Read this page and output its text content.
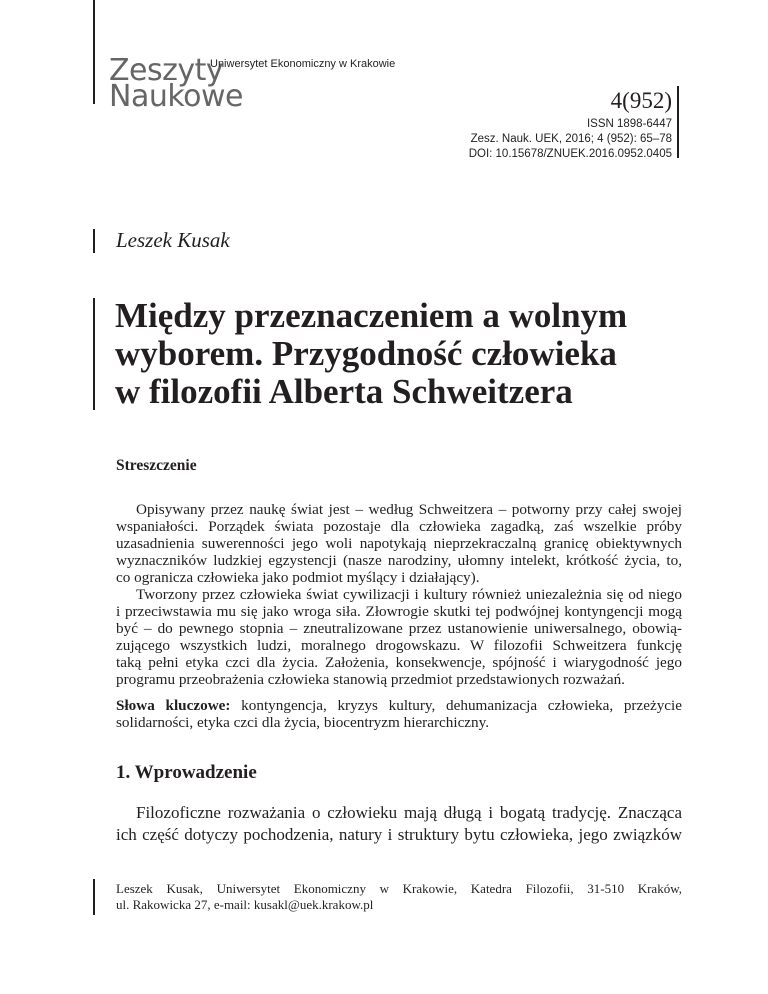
Zeszyty
Naukowe
Uniwersytet Ekonomiczny w Krakowie
4(952)
ISSN 1898-6447
Zesz. Nauk. UEK, 2016; 4 (952): 65–78
DOI: 10.15678/ZNUEK.2016.0952.0405
Leszek Kusak
Między przeznaczeniem a wolnym
wyborem. Przygodność człowieka
w filozofii Alberta Schweitzera
Streszczenie
Opisywany przez naukę świat jest – według Schweitzera – potworny przy całej swojej
wspaniałości. Porządek świata pozostaje dla człowieka zagadką, zaś wszelkie próby
uzasadnienia suwerenności jego woli napotykają nieprzekraczalną granicę obiektywnych
wyznaczników ludzkiej egzystencji (nasze narodziny, ułomny intelekt, krótkość życia, to,
co ogranicza człowieka jako podmiot myślący i działający).
Tworzony przez człowieka świat cywilizacji i kultury również uniezależnia się od niego
i przeciwstawia mu się jako wroga siła. Złowrogie skutki tej podwójnej kontyngencji mogą
być – do pewnego stopnia – zneutralizowane przez ustanowienie uniwersalnego, obowią-
zującego wszystkich ludzi, moralnego drogowskazu. W filozofii Schweitzera funkcję
taką pełni etyka czci dla życia. Założenia, konsekwencje, spójność i wiarygodność jego
programu przeobrażenia człowieka stanowią przedmiot przedstawionych rozważań.
Słowa kluczowe: kontyngencja, kryzys kultury, dehumanizacja człowieka, przeżycie
solidarności, etyka czci dla życia, biocentryzm hierarchiczny.
1. Wprowadzenie
Filozoficzne rozważania o człowieku mają długą i bogatą tradycję. Znacząca
ich część dotyczy pochodzenia, natury i struktury bytu człowieka, jego związków
Leszek Kusak, Uniwersytet Ekonomiczny w Krakowie, Katedra Filozofii, 31-510 Kraków,
ul. Rakowicka 27, e-mail: kusakl@uek.krakow.pl
